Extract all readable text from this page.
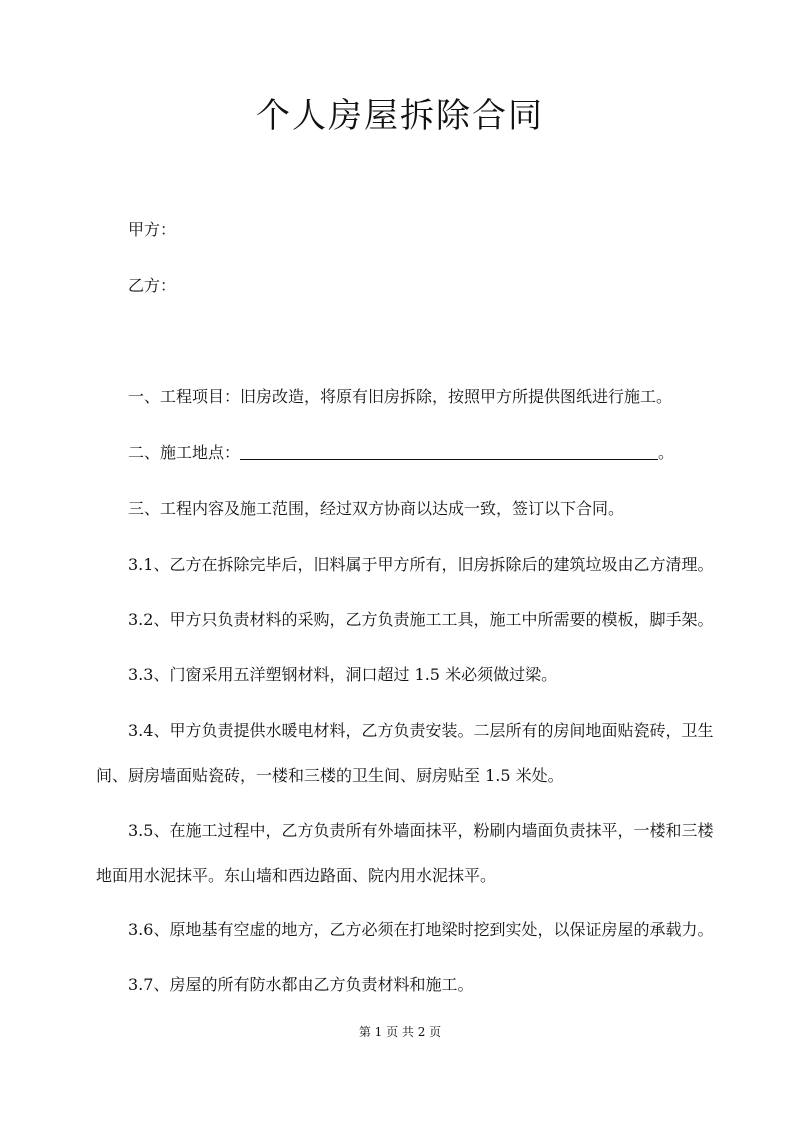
个人房屋拆除合同
甲方：
乙方：
一、工程项目：旧房改造，将原有旧房拆除，按照甲方所提供图纸进行施工。
二、施工地点：	。
三、工程内容及施工范围，经过双方协商以达成一致，签订以下合同。
3.1、乙方在拆除完毕后，旧料属于甲方所有，旧房拆除后的建筑垃圾由乙方清理。
3.2、甲方只负责材料的采购，乙方负责施工工具，施工中所需要的模板，脚手架。
3.3、门窗采用五洋塑钢材料，洞口超过 1.5 米必须做过梁。
3.4、甲方负责提供水暖电材料，乙方负责安装。二层所有的房间地面贴瓷砖，卫生
间、厨房墙面贴瓷砖，一楼和三楼的卫生间、厨房贴至 1.5 米处。
3.5、在施工过程中，乙方负责所有外墙面抹平，粉刷内墙面负责抹平，一楼和三楼
地面用水泥抹平。东山墙和西边路面、院内用水泥抹平。
3.6、原地基有空虚的地方，乙方必须在打地梁时挖到实处，以保证房屋的承载力。
3.7、房屋的所有防水都由乙方负责材料和施工。
第 1 页 共 2 页
